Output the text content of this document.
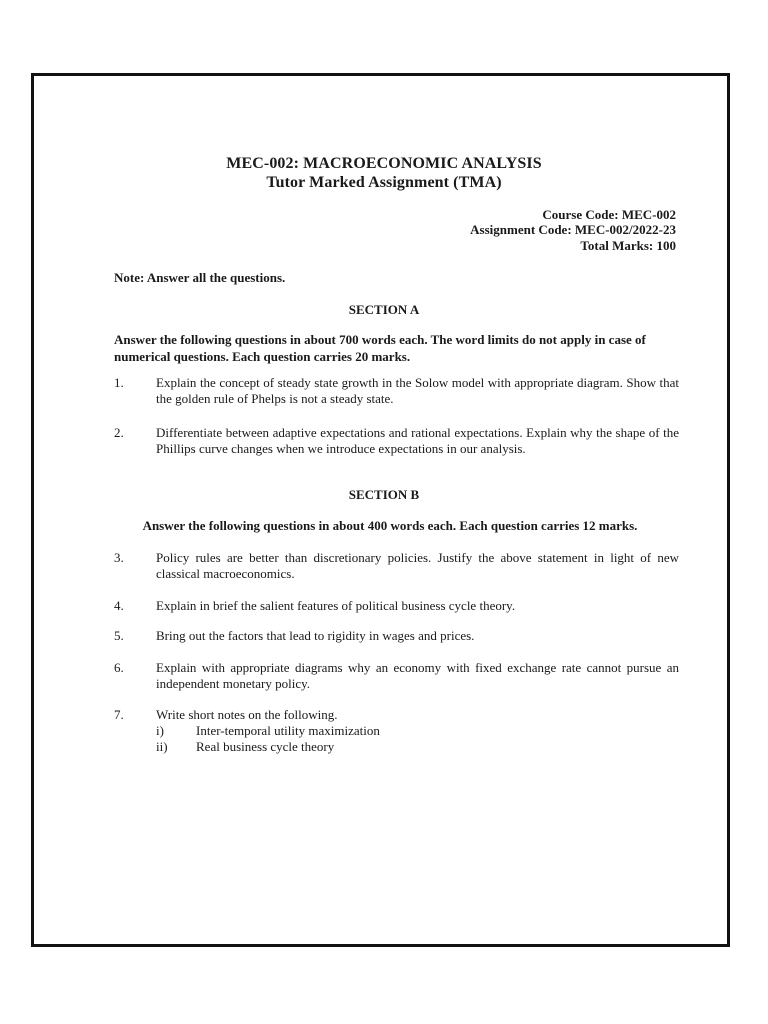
MEC-002: MACROECONOMIC ANALYSIS
Tutor Marked Assignment (TMA)
Course Code: MEC-002
Assignment Code: MEC-002/2022-23
Total Marks: 100
Note: Answer all the questions.
SECTION A
Answer the following questions in about 700 words each. The word limits do not apply in case of numerical questions. Each question carries 20 marks.
1. Explain the concept of steady state growth in the Solow model with appropriate diagram. Show that the golden rule of Phelps is not a steady state.
2. Differentiate between adaptive expectations and rational expectations. Explain why the shape of the Phillips curve changes when we introduce expectations in our analysis.
SECTION B
Answer the following questions in about 400 words each. Each question carries 12 marks.
3. Policy rules are better than discretionary policies. Justify the above statement in light of new classical macroeconomics.
4. Explain in brief the salient features of political business cycle theory.
5. Bring out the factors that lead to rigidity in wages and prices.
6. Explain with appropriate diagrams why an economy with fixed exchange rate cannot pursue an independent monetary policy.
7. Write short notes on the following.
i) Inter-temporal utility maximization
ii) Real business cycle theory
